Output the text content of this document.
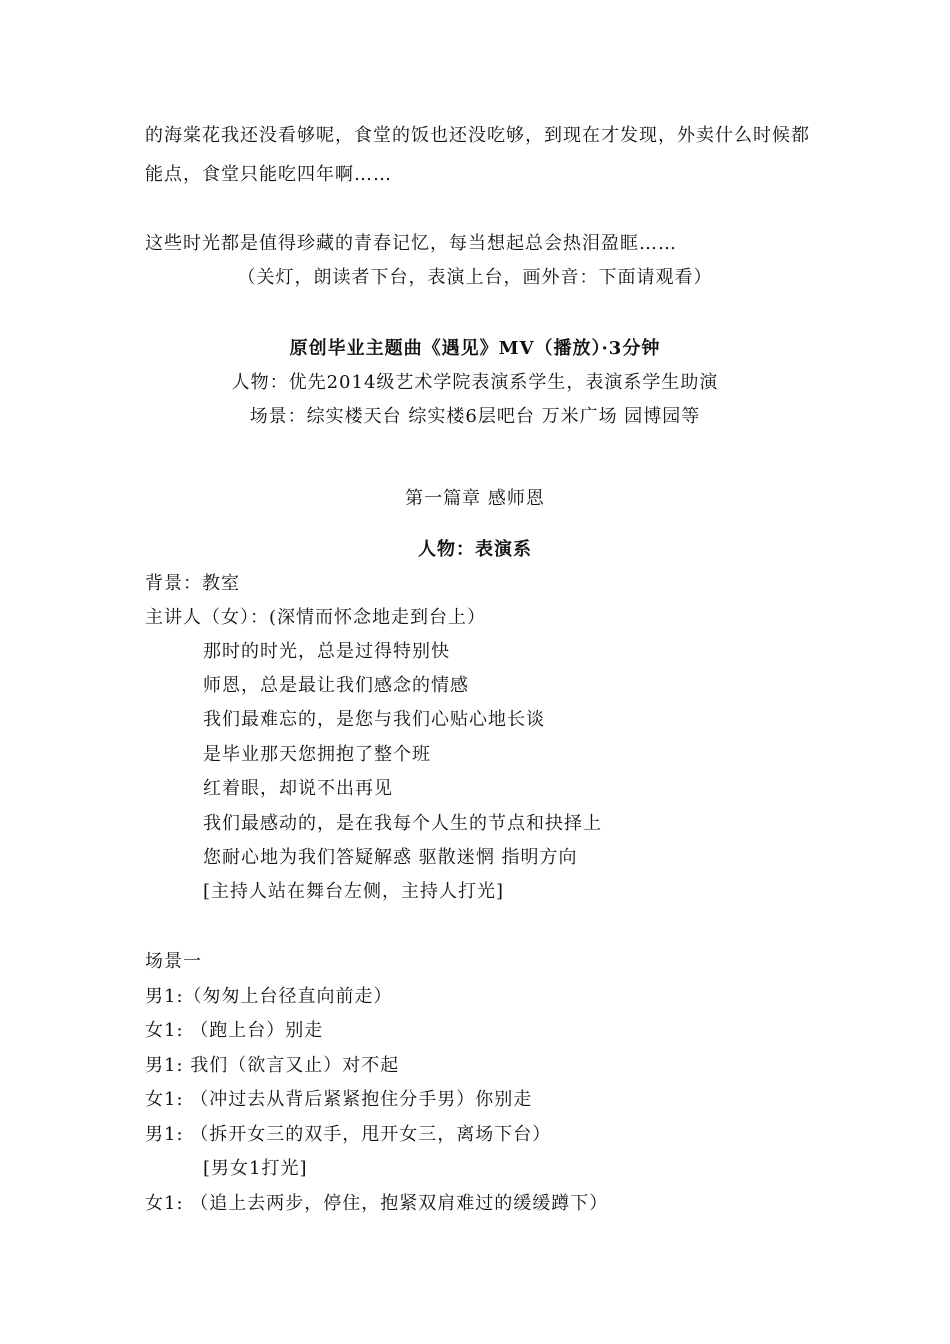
的海棠花我还没看够呢，食堂的饭也还没吃够，到现在才发现，外卖什么时候都
能点，食堂只能吃四年啊……
这些时光都是值得珍藏的青春记忆，每当想起总会热泪盈眶……
（关灯，朗读者下台，表演上台，画外音：下面请观看）
原创毕业主题曲《遇见》MV（播放）·3分钟
人物：优先2014级艺术学院表演系学生，表演系学生助演
场景：综实楼天台 综实楼6层吧台 万米广场 园博园等
第一篇章 感师恩
人物：表演系
背景：教室
主讲人（女）：(深情而怀念地走到台上）
那时的时光，总是过得特别快
师恩，总是最让我们感念的情感
我们最难忘的，是您与我们心贴心地长谈
是毕业那天您拥抱了整个班
红着眼，却说不出再见
我们最感动的，是在我每个人生的节点和抉择上
您耐心地为我们答疑解惑 驱散迷惘 指明方向
[主持人站在舞台左侧，主持人打光]
场景一
男1:（匆匆上台径直向前走）
女1: （跑上台）别走
男1: 我们（欲言又止）对不起
女1: （冲过去从背后紧紧抱住分手男）你别走
男1: （拆开女三的双手，甩开女三，离场下台）
[男女1打光]
女1: （追上去两步，停住，抱紧双肩难过的缓缓蹲下）
